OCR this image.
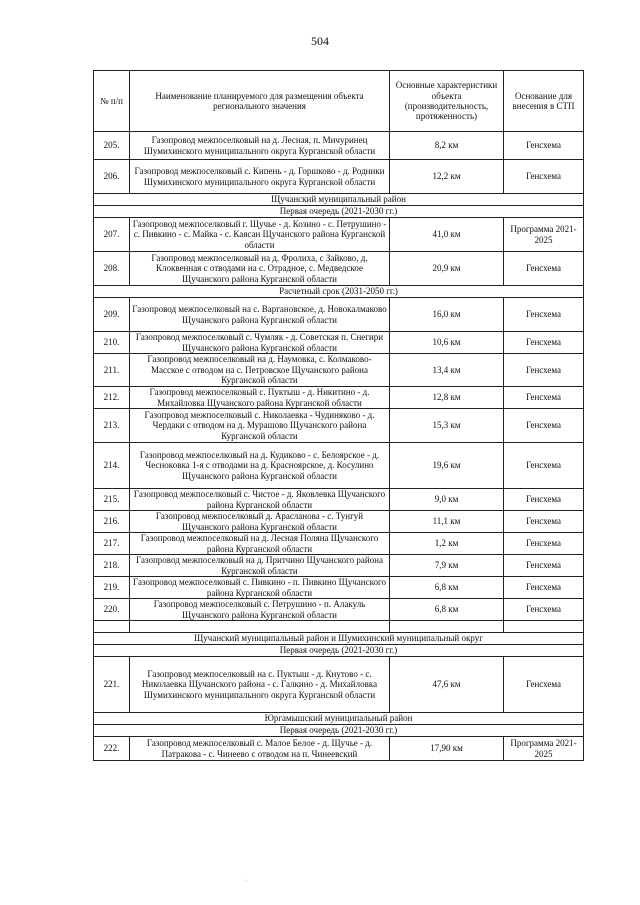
504
№ п/п	Наименование планируемого для размещения объекта регионального значения	Основные характеристики объекта (производительность, протяженность)	Основание для внесения в СТП
205.	Газопровод межпоселковый на д. Лесная, п. Мичуринец Шумихинского муниципального округа Курганской области	8,2 км	Генсхема
206.	Газопровод межпоселковый с. Кипень - д. Горшково - д. Родники Шумихинского муниципального округа Курганской области	12,2 км	Генсхема
Щучанский муниципальный район			
Первая очередь (2021-2030 гг.)			
207.	Газопровод межпоселковый г. Щучье - д. Козино - с. Петрушино - с. Пивкино - с. Майка - с. Каясан Щучанского района Курганской области	41,0 км	Программа 2021-2025
208.	Газопровод межпоселковый на д. Фролиха, с Зайково, д. Клоквенная с отводами на с. Отрадное, с. Медведское Щучанского района Курганской области	20,9 км	Генсхема
Расчетный срок (2031-2050 гг.)			
209.	Газопровод межпоселковый на с. Варгановское, д. Новокалмаково Щучанского района Курганской области	16,0 км	Генсхема
210.	Газопровод межпоселковый с. Чумляк - д. Советская п. Снегири Щучанского района Курганской области	10,6 км	Генсхема
211.	Газопровод межпоселковый на д. Наумовка, с. Колмаково-Масское с отводом на с. Петровское Щучанского района Курганской области	13,4 км	Генсхема
212.	Газопровод межпоселковый с. Пуктыш - д. Никитино - д. Михайловка Щучанского района Курганской области	12,8 км	Генсхема
213.	Газопровод межпоселковый с. Николаевка - Чудиняково - д. Чердаки с отводом на д. Мурашово Щучанского района Курганской области	15,3 км	Генсхема
214.	Газопровод межпоселковый на д. Кудиково - с. Белоярское - д. Чесноковка 1-я с отводами на д. Красноярское, д. Косулино Щучанского района Курганской области	19,6 км	Генсхема
215.	Газопровод межпоселковый с. Чистое - д. Яковлевка Щучанского района Курганской области	9,0 км	Генсхема
216.	Газопровод межпоселковый д. Арасланова - с. Тунгуй Щучанского района Курганской области	11,1 км	Генсхема
217.	Газопровод межпоселковый на д. Лесная Поляна Щучанского района Курганской области	1,2 км	Генсхема
218.	Газопровод межпоселковый на д. Притчино Щучанского района Курганской области	7,9 км	Генсхема
219.	Газопровод межпоселковый с. Пивкино - п. Пивкино Щучанского района Курганской области	6,8 км	Генсхема
220.	Газопровод межпоселковый с. Петрушино - п. Алакуль Щучанского района Курганской области	6,8 км	Генсхема

Щучанский муниципальный район и Шумихинский муниципальный округ			
Первая очередь (2021-2030 гг.)			
221.	Газопровод межпоселковый на с. Пуктыш - д. Кнутово - с. Николаевка Щучанского района - с. Галкино - д. Михайловка Шумихинского муниципального округа Курганской области	47,6 км	Генсхема
Юргамышский муниципальный район			
Первая очередь (2021-2030 гг.)			
222.	Газопровод межпоселковый с. Малое Белое - д. Щучье - д. Патракова - с. Чинеево с отводом на п. Чинеевский	17,90 км	Программа 2021-2025
·
